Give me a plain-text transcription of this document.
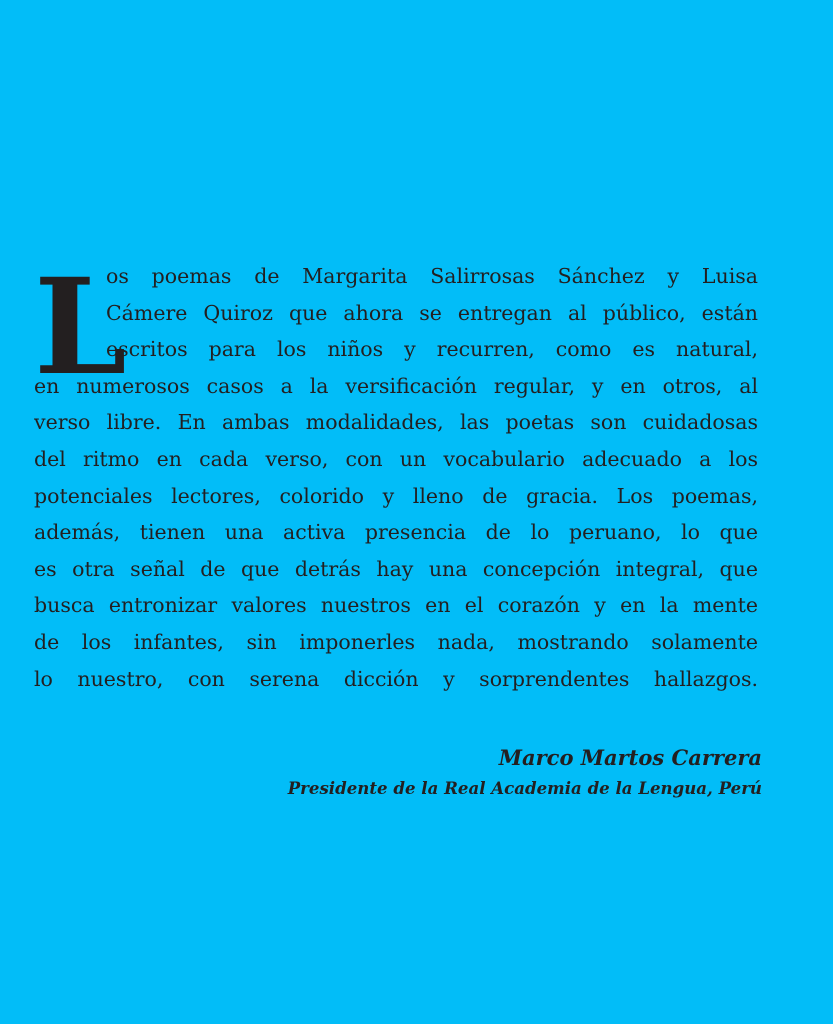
L
os poemas de Margarita Salirrosas Sánchez y Luisa
Cámere Quiroz que ahora se entregan al público, están
escritos para los niños y recurren, como es natural,
en numerosos casos a la versificación regular, y en otros, al
verso libre. En ambas modalidades, las poetas son cuidadosas
del ritmo en cada verso, con un vocabulario adecuado a los
potenciales lectores, colorido y lleno de gracia. Los poemas,
además, tienen una activa presencia de lo peruano, lo que
es otra señal de que detrás hay una concepción integral, que
busca entronizar valores nuestros en el corazón y en la mente
de los infantes, sin imponerles nada, mostrando solamente
lo nuestro, con serena dicción y sorprendentes hallazgos.
Marco Martos Carrera
Presidente de la Real Academia de la Lengua, Perú
